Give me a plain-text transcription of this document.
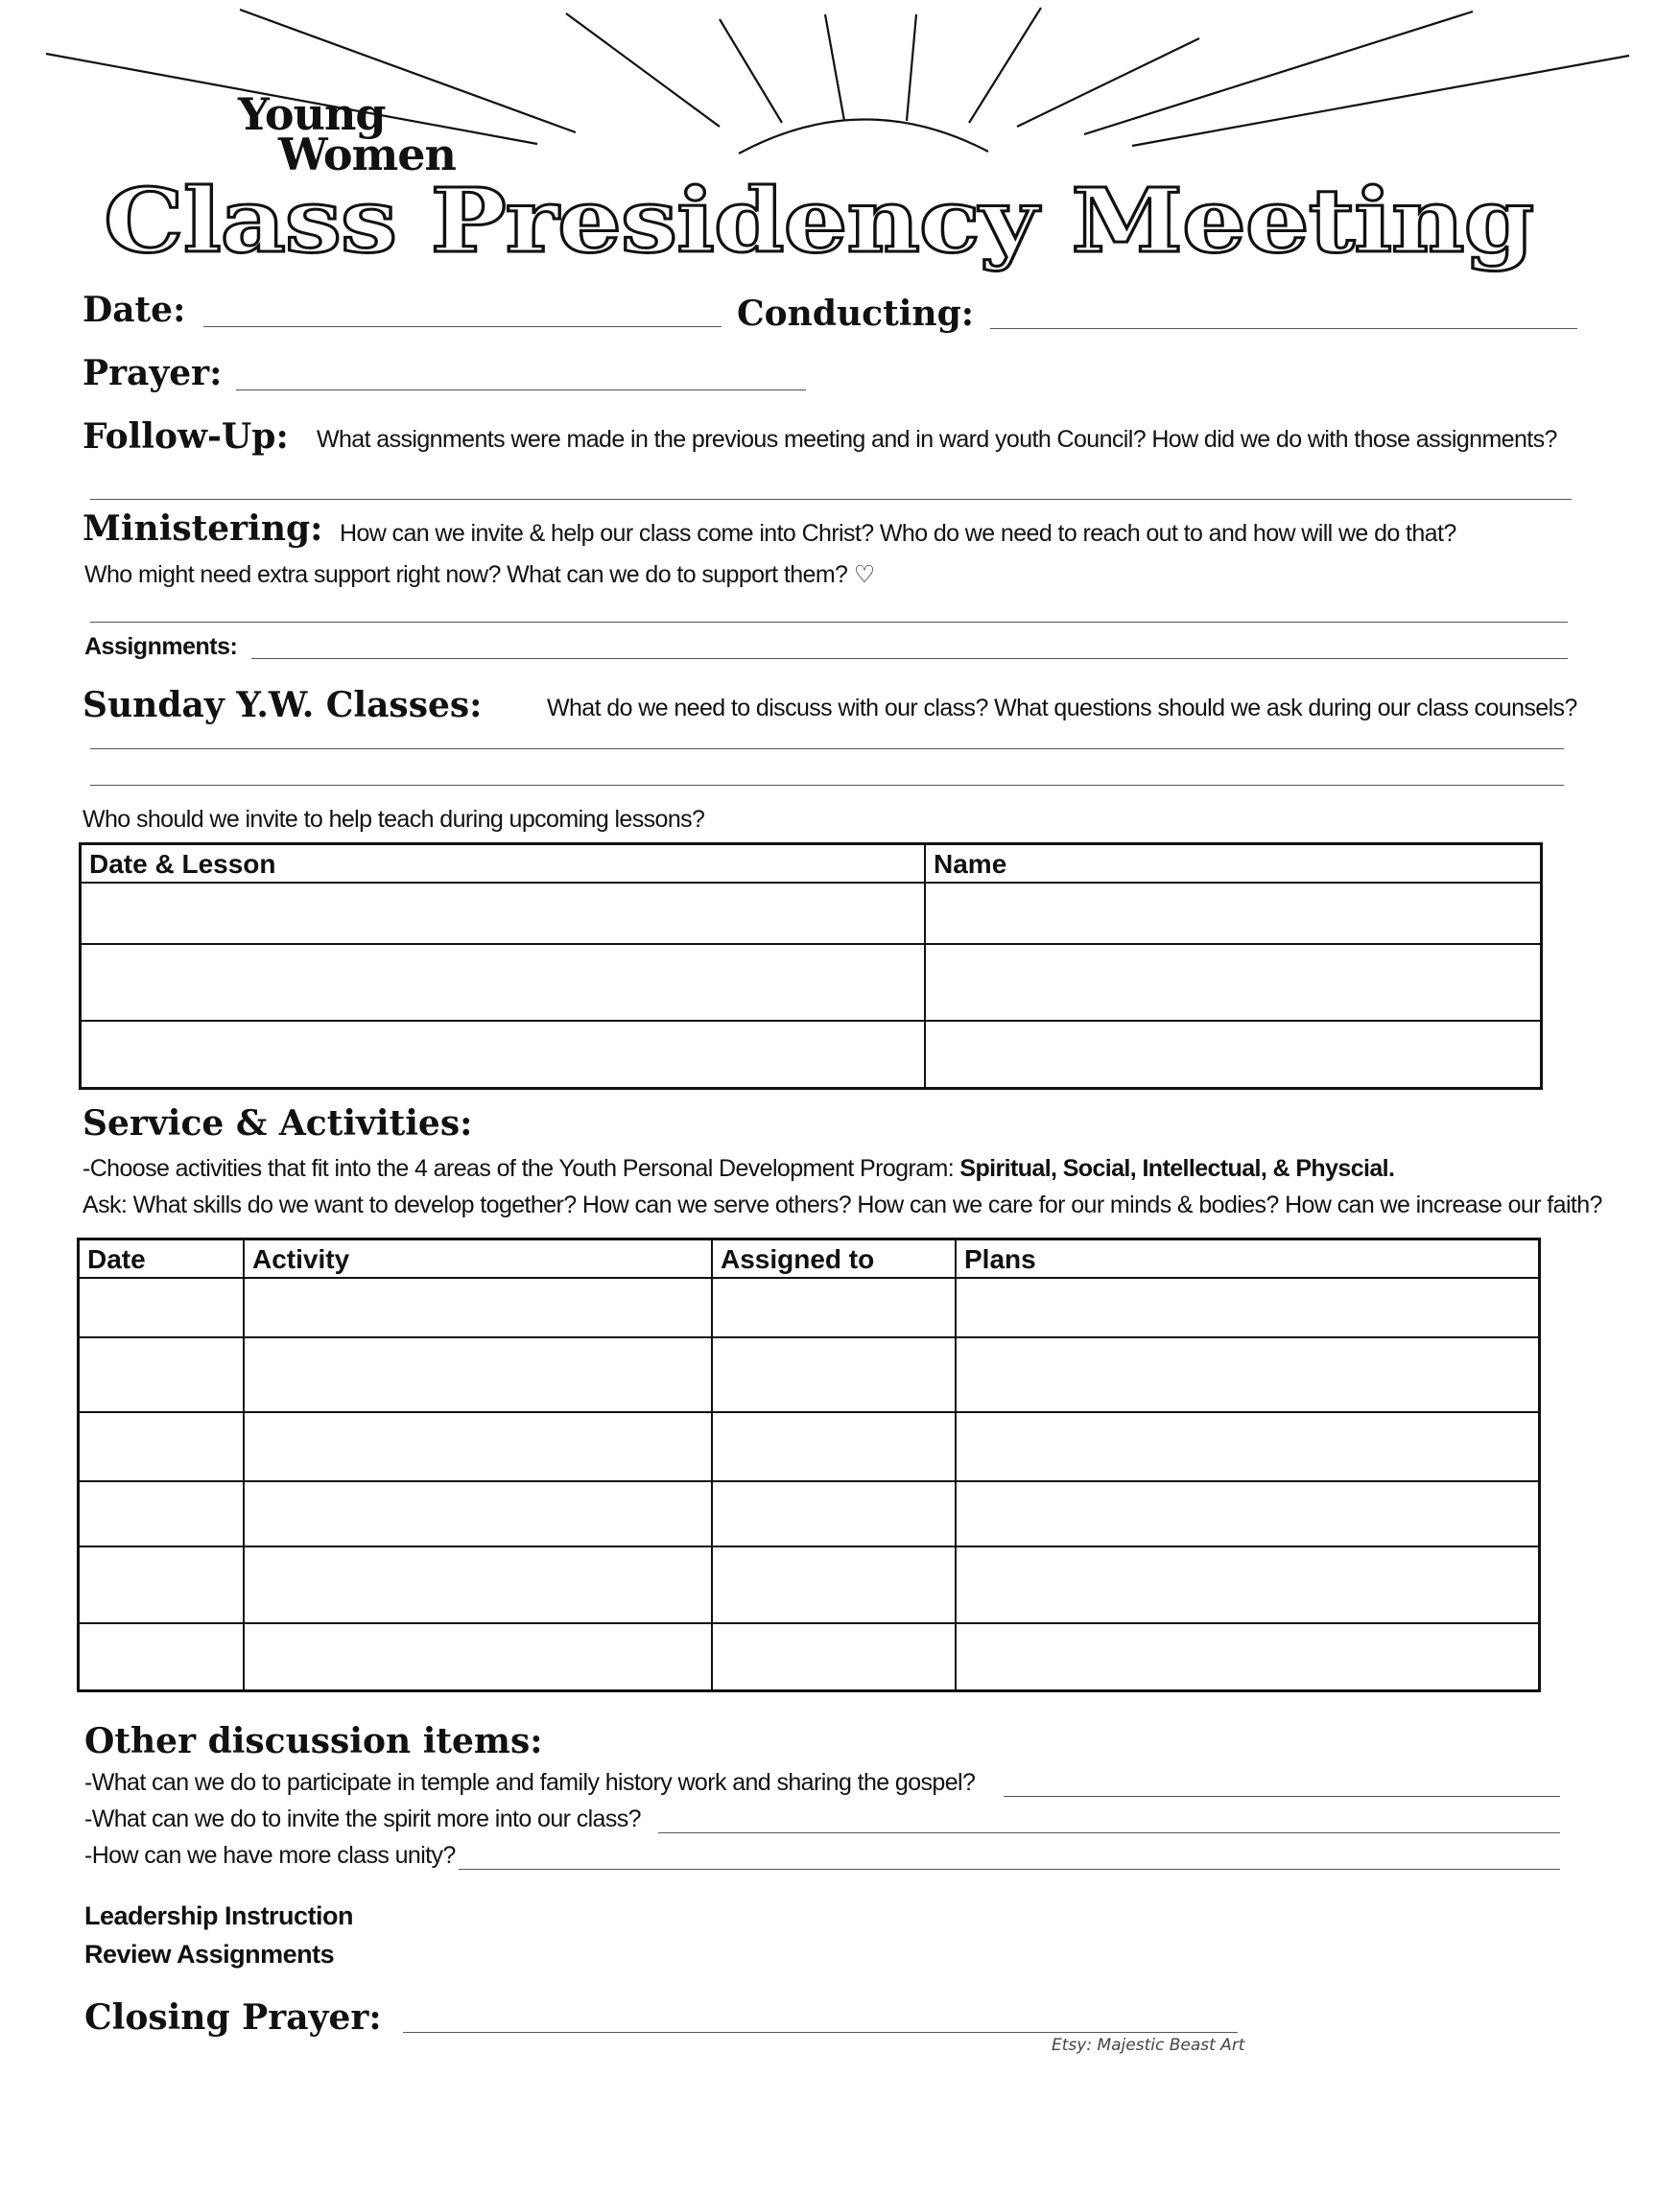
Class Presidency Meeting
Young
Women
Date:	Conducting:
Prayer:
Follow-Up: What assignments were made in the previous meeting and in ward youth Council? How did we do with those assignments?
Ministering: How can we invite & help our class come into Christ? Who do we need to reach out to and how will we do that?
Who might need extra support right now? What can we do to support them? ♡
Assignments:
Sunday Y.W. Classes:	What do we need to discuss with our class? What questions should we ask during our class counsels?
Who should we invite to help teach during upcoming lessons?
Date & Lesson	Name

Service & Activities:
-Choose activities that fit into the 4 areas of the Youth Personal Development Program: Spiritual, Social, Intellectual, & Physcial.
Ask: What skills do we want to develop together? How can we serve others? How can we care for our minds & bodies? How can we increase our faith?
Date	Activity	Assigned to	Plans

Other discussion items:
-What can we do to participate in temple and family history work and sharing the gospel?
-What can we do to invite the spirit more into our class?
-How can we have more class unity?
Leadership Instruction
Review Assignments
Closing Prayer:
Etsy: Majestic Beast Art
